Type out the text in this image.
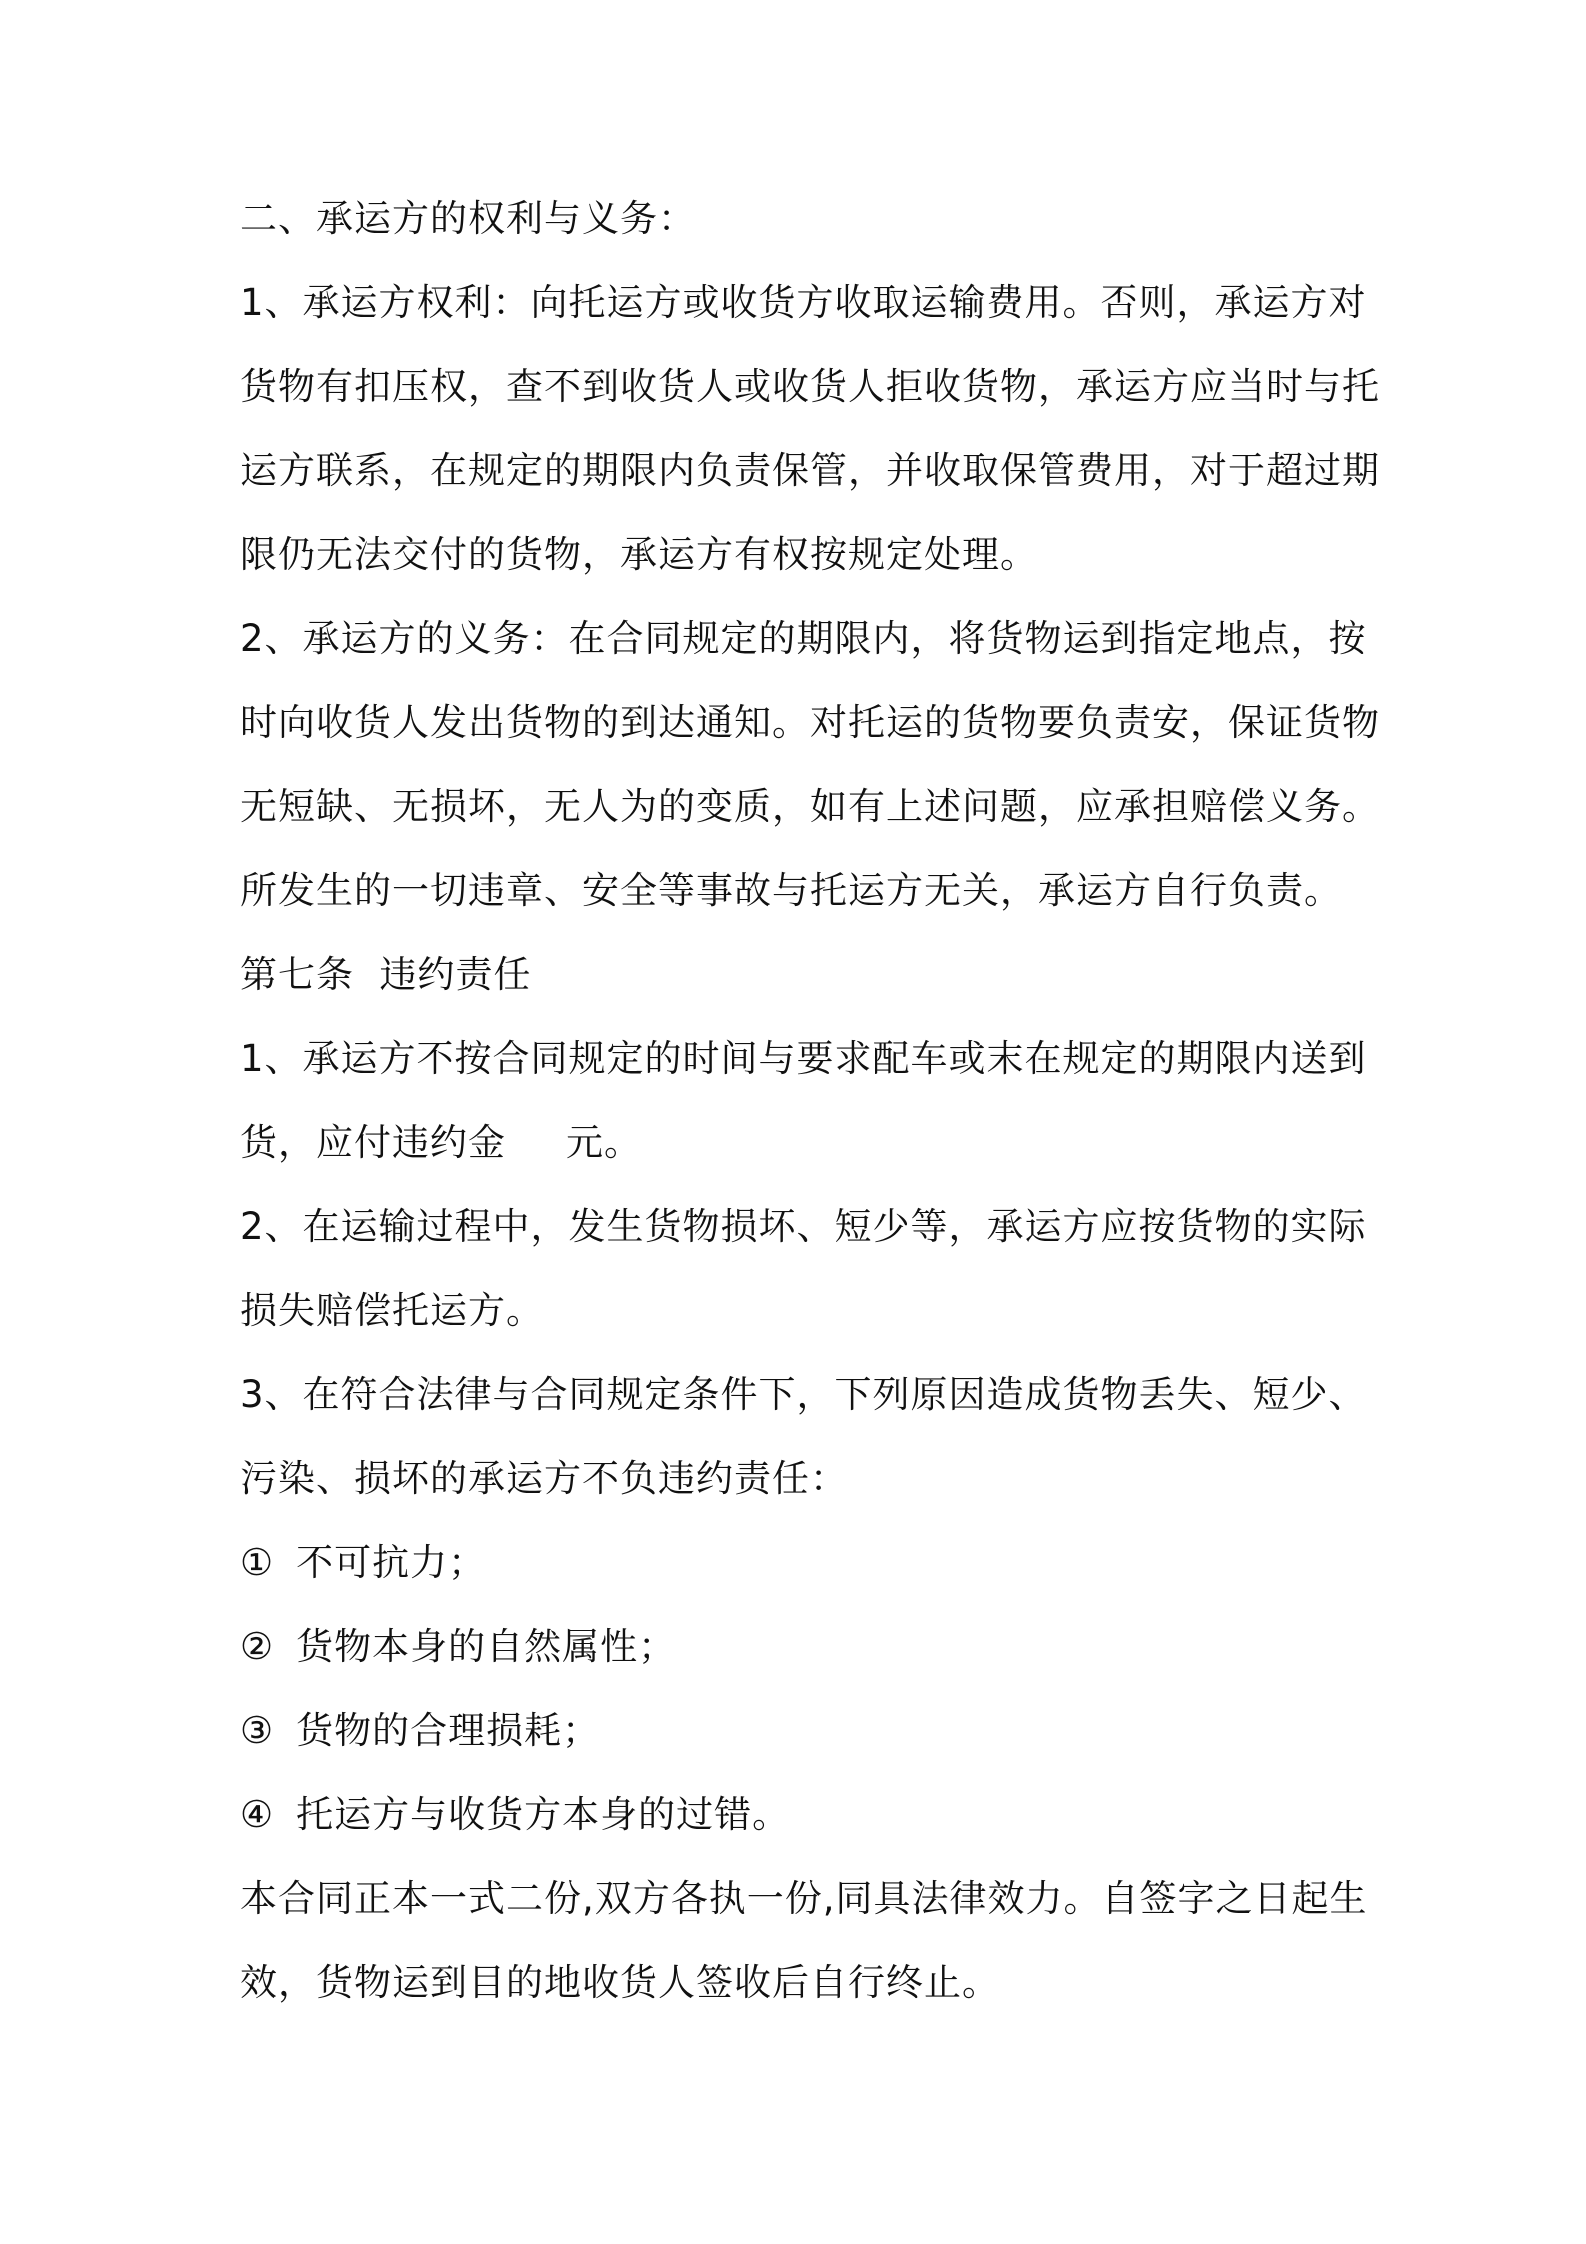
二、承运方的权利与义务：
1、承运方权利：向托运方或收货方收取运输费用。否则，承运方对
货物有扣压权，查不到收货人或收货人拒收货物，承运方应当时与托
运方联系，在规定的期限内负责保管，并收取保管费用，对于超过期
限仍无法交付的货物，承运方有权按规定处理。
2、承运方的义务：在合同规定的期限内，将货物运到指定地点，按
时向收货人发出货物的到达通知。对托运的货物要负责安，保证货物
无短缺、无损坏，无人为的变质，如有上述问题，应承担赔偿义务。
所发生的一切违章、安全等事故与托运方无关，承运方自行负责。
第七条  违约责任
1、承运方不按合同规定的时间与要求配车或末在规定的期限内送到
货，应付违约金 元。
2、在运输过程中，发生货物损坏、短少等，承运方应按货物的实际
损失赔偿托运方。
3、在符合法律与合同规定条件下，下列原因造成货物丢失、短少、
污染、损坏的承运方不负违约责任：
① 不可抗力；
② 货物本身的自然属性；
③ 货物的合理损耗；
④ 托运方与收货方本身的过错。
本合同正本一式二份,双方各执一份,同具法律效力。自签字之日起生
效，货物运到目的地收货人签收后自行终止。
